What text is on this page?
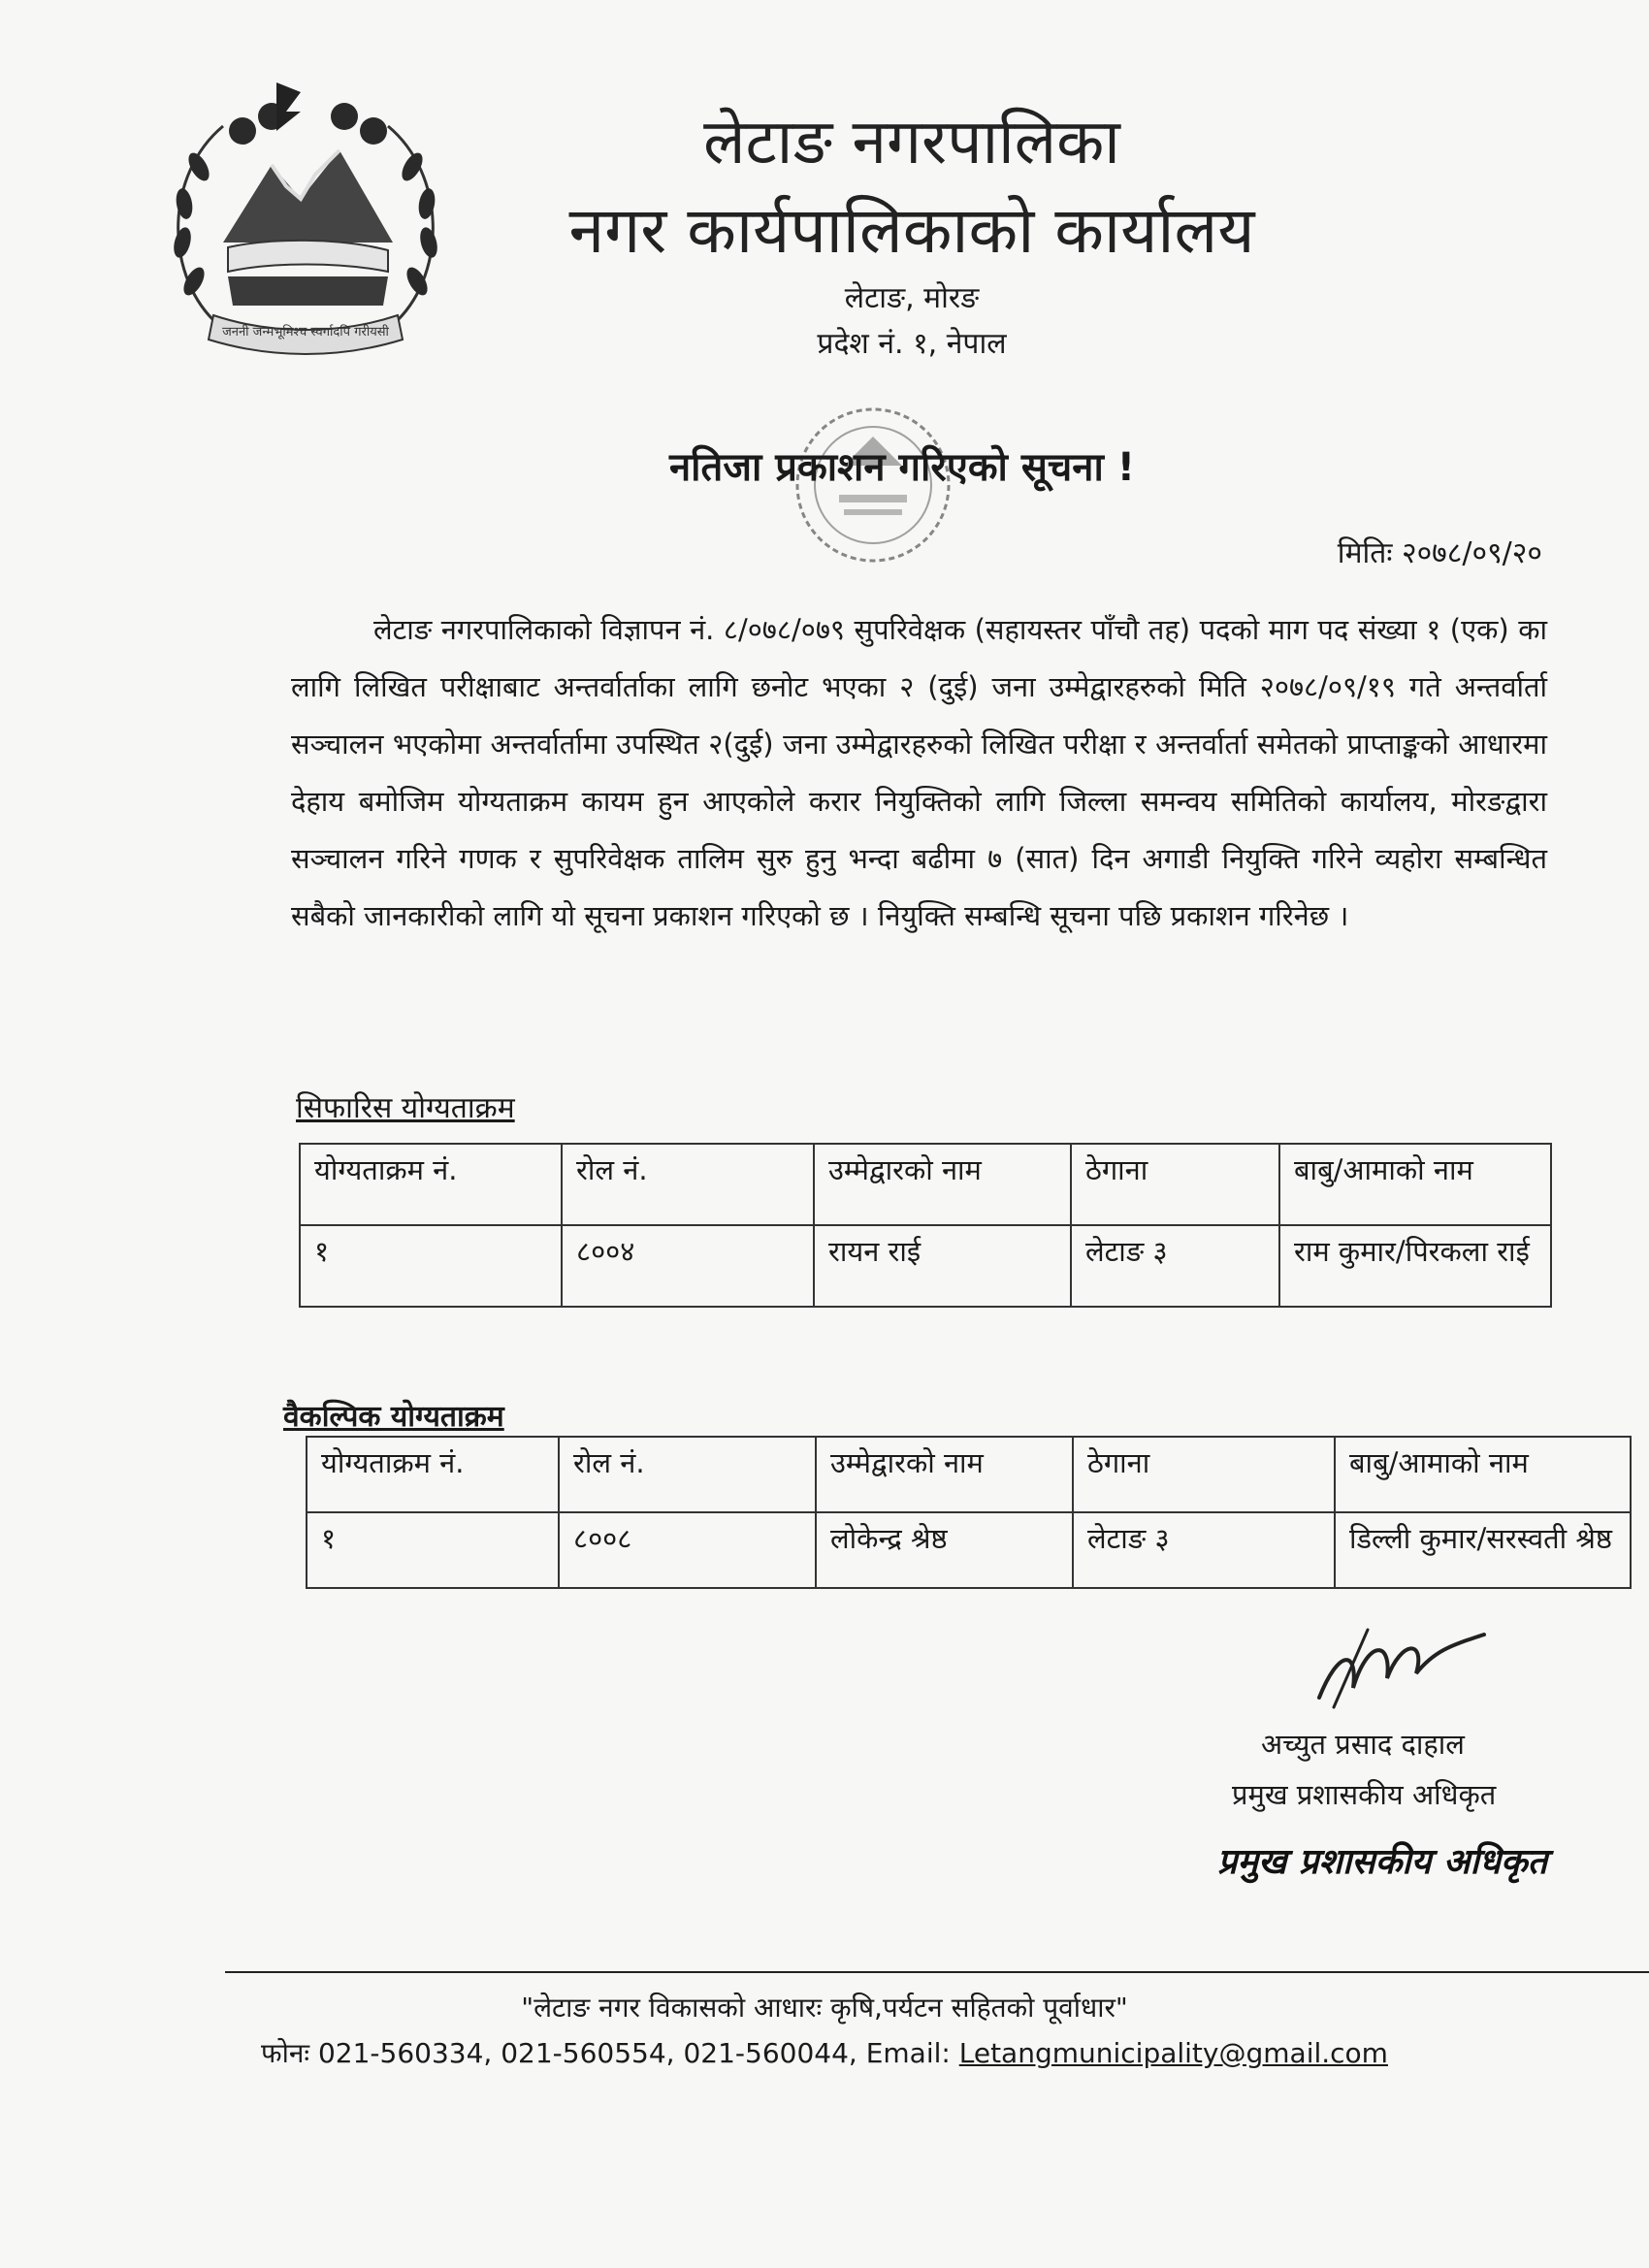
जननी जन्मभूमिश्च स्वर्गादपि गरीयसी
लेटाङ नगरपालिका
नगर कार्यपालिकाको कार्यालय

लेटाङ, मोरङ

प्रदेश नं. १, नेपाल

नतिजा प्रकाशन गरिएको सूचना !
मितिः २०७८/०९/२०

लेटाङ नगरपालिकाको विज्ञापन नं. ८/०७८/०७९ सुपरिवेक्षक (सहायस्तर पाँचौ तह) पदको माग पद संख्या १ (एक) का लागि लिखित परीक्षाबाट अन्तर्वार्ताका लागि छनोट भएका २ (दुई) जना उम्मेद्वारहरुको मिति २०७८/०९/१९ गते अन्तर्वार्ता सञ्चालन भएकोमा अन्तर्वार्तामा उपस्थित २(दुई) जना उम्मेद्वारहरुको लिखित परीक्षा र अन्तर्वार्ता समेतको प्राप्ताङ्कको आधारमा देहाय बमोजिम योग्यताक्रम कायम हुन आएकोले करार नियुक्तिको लागि जिल्ला समन्वय समितिको कार्यालय, मोरङद्वारा सञ्चालन गरिने गणक र सुपरिवेक्षक तालिम सुरु हुनु भन्दा बढीमा ७ (सात) दिन अगाडी नियुक्ति गरिने व्यहोरा सम्बन्धित सबैको जानकारीको लागि यो सूचना प्रकाशन गरिएको छ । नियुक्ति सम्बन्धि सूचना पछि प्रकाशन गरिनेछ ।

सिफारिस योग्यताक्रम
योग्यताक्रम नं.	रोल नं.	उम्मेद्वारको नाम	ठेगाना	बाबु/आमाको नाम
१	८००४	रायन राई	लेटाङ ३	राम कुमार/पिरकला राई
वैकल्पिक योग्यताक्रम
योग्यताक्रम नं.	रोल नं.	उम्मेद्वारको नाम	ठेगाना	बाबु/आमाको नाम
१	८००८	लोकेन्द्र श्रेष्ठ	लेटाङ ३	डिल्ली कुमार/सरस्वती श्रेष्ठ

अच्युत प्रसाद दाहाल

प्रमुख प्रशासकीय अधिकृत

प्रमुख प्रशासकीय अधिकृत

"लेटाङ नगर विकासको आधारः कृषि,पर्यटन सहितको पूर्वाधार"

फोनः 021-560334, 021-560554, 021-560044, Email: Letangmunicipality@gmail.com
